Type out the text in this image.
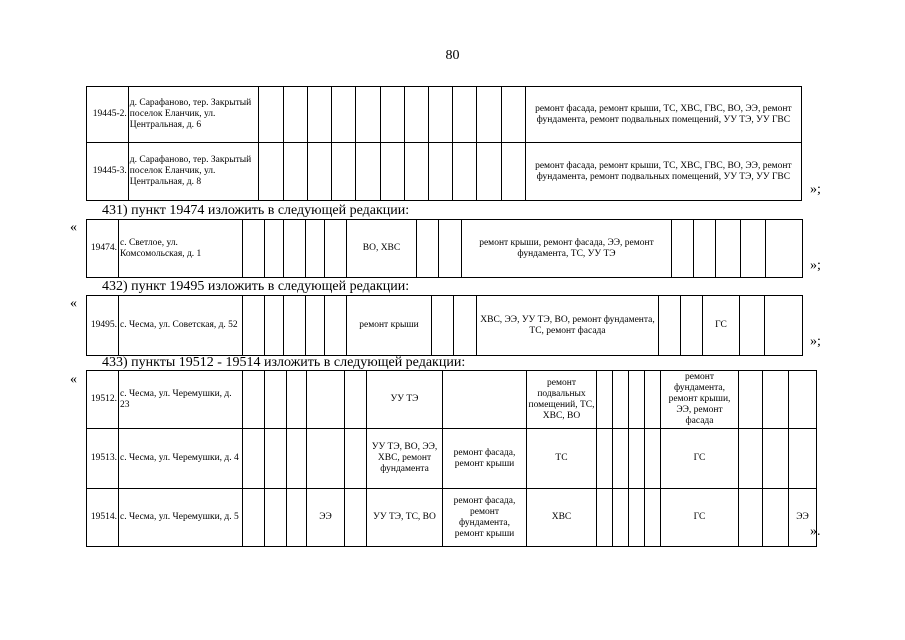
80
19445-2.	д. Сарафаново, тер. Закрытый поселок Еланчик, ул. Центральная, д. 6												ремонт фасада, ремонт крыши, ТС, ХВС, ГВС, ВО, ЭЭ, ремонт фундамента, ремонт подвальных помещений, УУ ТЭ, УУ ГВС
19445-3.	д. Сарафаново, тер. Закрытый поселок Еланчик, ул. Центральная, д. 8												ремонт фасада, ремонт крыши, ТС, ХВС, ГВС, ВО, ЭЭ, ремонт фундамента, ремонт подвальных помещений, УУ ТЭ, УУ ГВС
»;
431) пункт 19474 изложить в следующей редакции:
«
19474.	с. Светлое, ул. Комсомольская, д. 1						ВО, ХВС			ремонт крыши, ремонт фасада, ЭЭ, ремонт фундамента, ТС, УУ ТЭ					
»;
432) пункт 19495 изложить в следующей редакции:
«
19495.	с. Чесма, ул. Советская, д. 52						ремонт крыши			ХВС, ЭЭ, УУ ТЭ, ВО, ремонт фундамента, ТС, ремонт фасада			ГС		
»;
433) пункты 19512 - 19514 изложить в следующей редакции:
«
19512.	с. Чесма, ул. Черемушки, д. 23						УУ ТЭ		ремонт подвальных помещений, ТС, ХВС, ВО					ремонт фундамента, ремонт крыши, ЭЭ, ремонт фасада			
19513.	с. Чесма, ул. Черемушки, д. 4						УУ ТЭ, ВО, ЭЭ, ХВС, ремонт фундамента	ремонт фасада, ремонт крыши	ТС					ГС			
19514.	с. Чесма, ул. Черемушки, д. 5				ЭЭ		УУ ТЭ, ТС, ВО	ремонт фасада, ремонт фундамента, ремонт крыши	ХВС					ГС			ЭЭ
».
